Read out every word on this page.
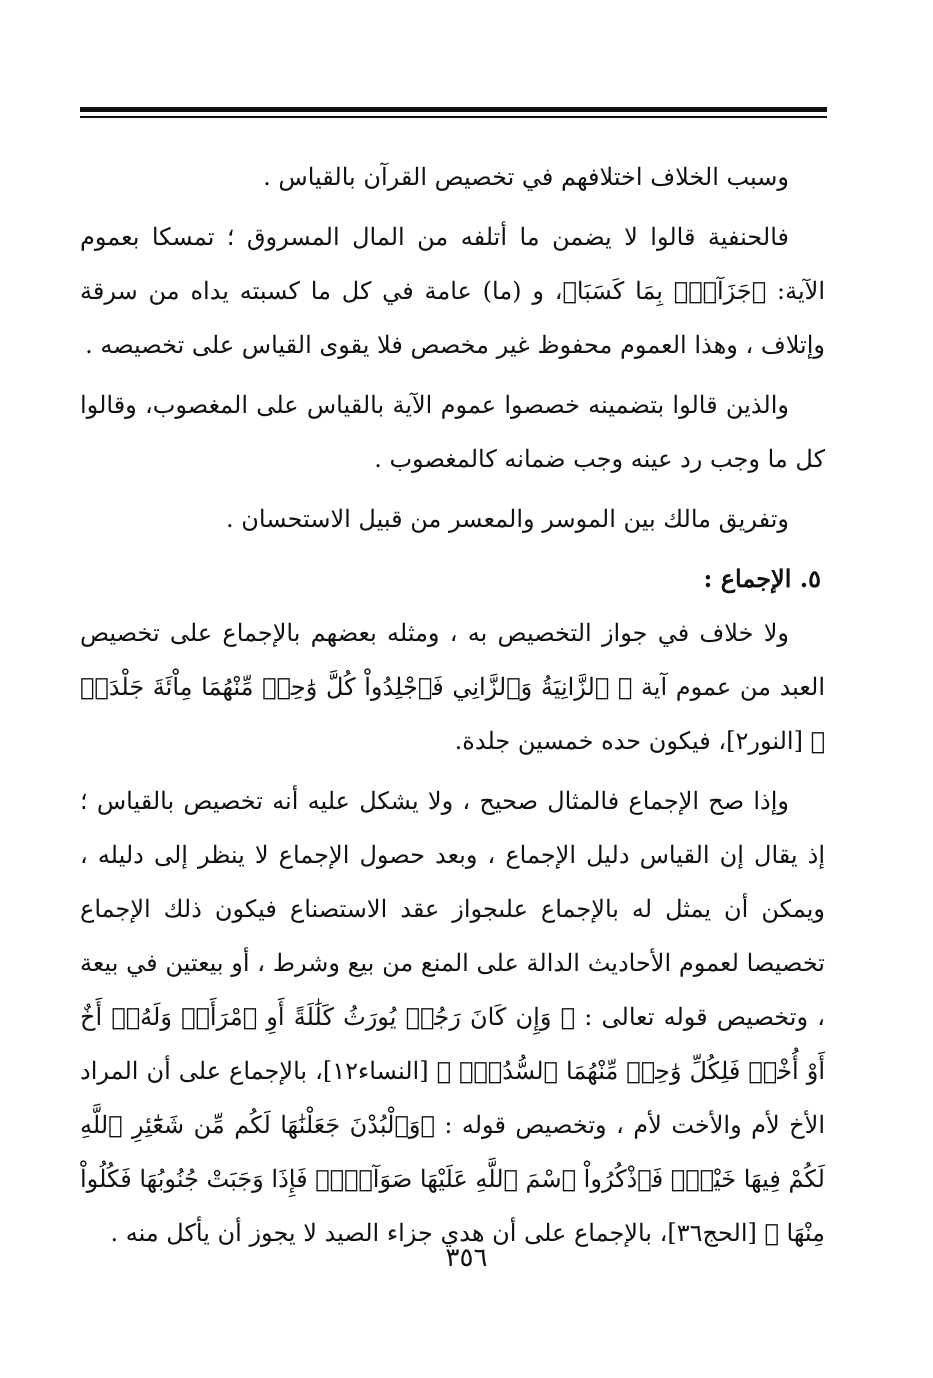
وسبب الخلاف اختلافهم في تخصيص القرآن بالقياس .

فالحنفية قالوا لا يضمن ما أتلفه من المال المسروق ؛ تمسكا بعموم الآية: ﴿جَزَآءَۢ بِمَا كَسَبَا﴾، و (ما) عامة في كل ما كسبته يداه من سرقة وإتلاف ، وهذا العموم محفوظ غير مخصص فلا يقوى القياس على تخصيصه .

والذين قالوا بتضمينه خصصوا عموم الآية بالقياس على المغصوب، وقالوا كل ما وجب رد عينه وجب ضمانه كالمغصوب .

وتفريق مالك بين الموسر والمعسر من قبيل الاستحسان .

٥. الإجماع :

ولا خلاف في جواز التخصيص به ، ومثله بعضهم بالإجماع على تخصيص العبد من عموم آية ﴿ ٱلزَّانِيَةُ وَٱلزَّانِي فَٱجْلِدُواْ كُلَّ وَٰحِدٖ مِّنْهُمَا مِاْئَةَ جَلْدَةٖ ﴾ [النور٢]، فيكون حده خمسين جلدة.

وإذا صح الإجماع فالمثال صحيح ، ولا يشكل عليه أنه تخصيص بالقياس ؛ إذ يقال إن القياس دليل الإجماع ، وبعد حصول الإجماع لا ينظر إلى دليله ، ويمكن أن يمثل له بالإجماع علىجواز عقد الاستصناع فيكون ذلك الإجماع تخصيصا لعموم الأحاديث الدالة على المنع من بيع وشرط ، أو بيعتين في بيعة ، وتخصيص قوله تعالى : ﴿ وَإِن كَانَ رَجُلٞ يُورَثُ كَلَٰلَةً أَوِ ٱمْرَأَةٞ وَلَهُۥٓ أَخٌ أَوْ أُخْتٞ فَلِكُلِّ وَٰحِدٖ مِّنْهُمَا ٱلسُّدُسُۚ ﴾ [النساء١٢]، بالإجماع على أن المراد الأخ لأم والأخت لأم ، وتخصيص قوله : ﴿وَٱلْبُدْنَ جَعَلْنَٰهَا لَكُم مِّن شَعَٰٓئِرِ ٱللَّهِ لَكُمْ فِيهَا خَيْرٞۖ فَٱذْكُرُواْ ٱسْمَ ٱللَّهِ عَلَيْهَا صَوَآفَّۖ فَإِذَا وَجَبَتْ جُنُوبُهَا فَكُلُواْ مِنْهَا ﴾ [الحج٣٦]، بالإجماع على أن هدي جزاء الصيد لا يجوز أن يأكل منه .

٣٥٦
